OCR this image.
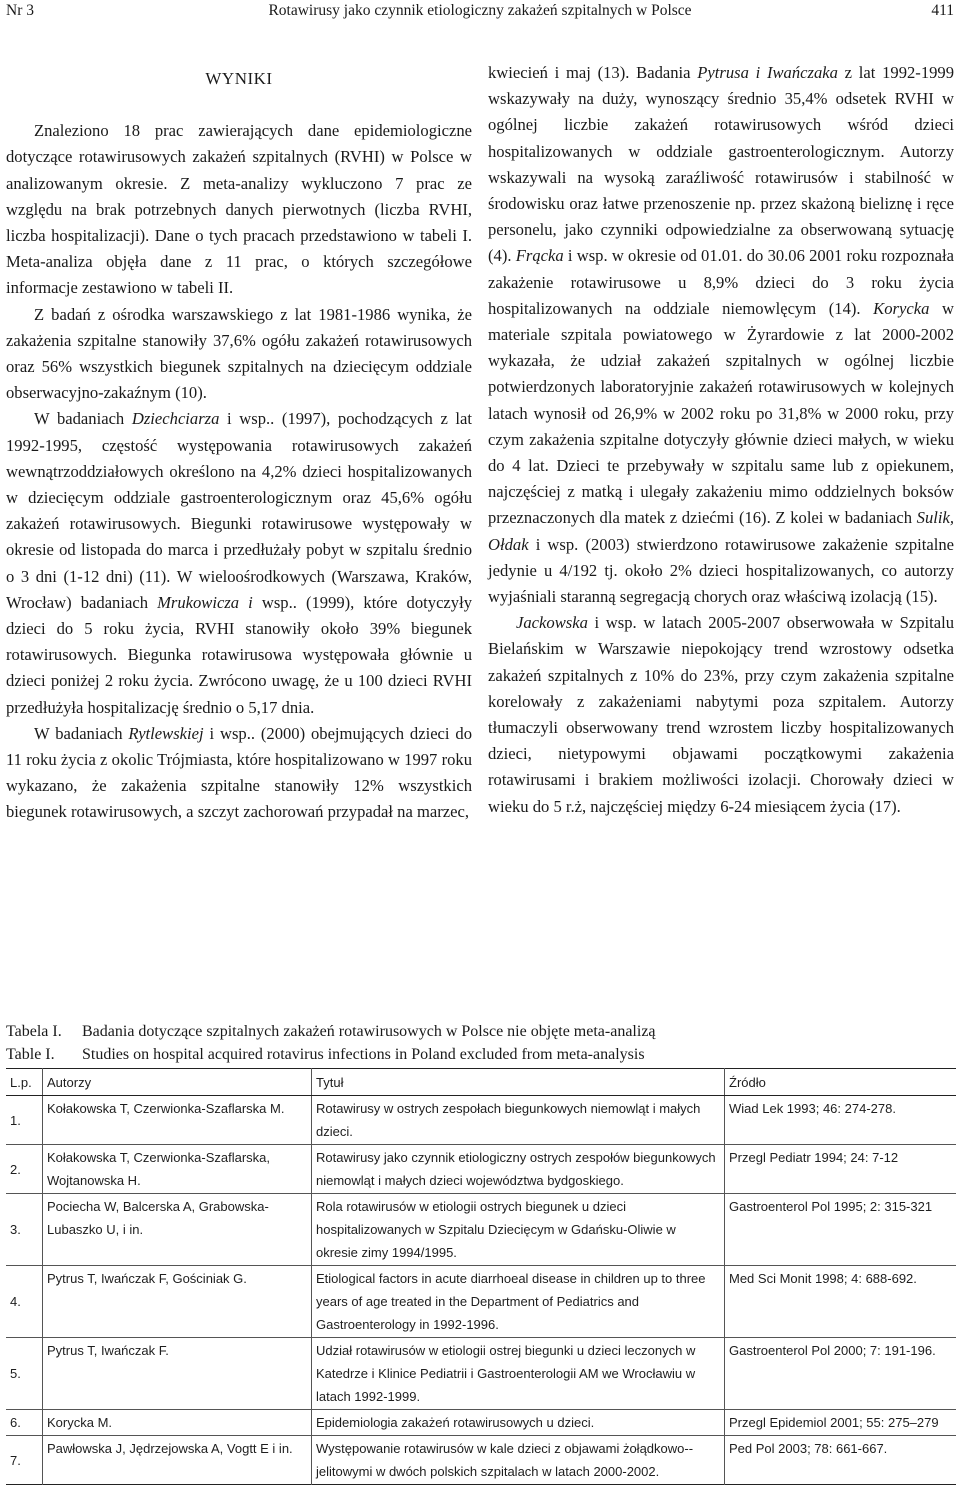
Nr 3	Rotawirusy jako czynnik etiologiczny zakażeń szpitalnych w Polsce	411
WYNIKI

Znaleziono 18 prac zawierających dane epidemiologiczne dotyczące rotawirusowych zakażeń szpitalnych (RVHI) w Polsce w analizowanym okresie. Z meta-analizy wykluczono 7 prac ze względu na brak potrzebnych danych pierwotnych (liczba RVHI, liczba hospitalizacji). Dane o tych pracach przedstawiono w tabeli I. Meta-analiza objęła dane z 11 prac, o których szczegółowe informacje zestawiono w tabeli II.

Z badań z ośrodka warszawskiego z lat 1981-1986 wynika, że zakażenia szpitalne stanowiły 37,6% ogółu zakażeń rotawirusowych oraz 56% wszystkich biegunek szpitalnych na dziecięcym oddziale obserwacyjno-zakaźnym (10).

W badaniach Dziechciarza i wsp.. (1997), pochodzących z lat 1992-1995, częstość występowania rotawirusowych zakażeń wewnątrzoddziałowych określono na 4,2% dzieci hospitalizowanych w dziecięcym oddziale gastroenterologicznym oraz 45,6% ogółu zakażeń rotawirusowych. Biegunki rotawirusowe występowały w okresie od listopada do marca i przedłużały pobyt w szpitalu średnio o 3 dni (1-12 dni) (11). W wieloośrodkowych (Warszawa, Kraków, Wrocław) badaniach Mrukowicza i wsp.. (1999), które dotyczyły dzieci do 5 roku życia, RVHI stanowiły około 39% biegunek rotawirusowych. Biegunka rotawirusowa występowała głównie u dzieci poniżej 2 roku życia. Zwrócono uwagę, że u 100 dzieci RVHI przedłużyła hospitalizację średnio o 5,17 dnia.

W badaniach Rytlewskiej i wsp.. (2000) obejmujących dzieci do 11 roku życia z okolic Trójmiasta, które hospitalizowano w 1997 roku wykazano, że zakażenia szpitalne stanowiły 12% wszystkich biegunek rotawirusowych, a szczyt zachorowań przypadał na marzec,

kwiecień i maj (13). Badania Pytrusa i Iwańczaka z lat 1992-1999 wskazywały na duży, wynoszący średnio 35,4% odsetek RVHI w ogólnej liczbie zakażeń rotawirusowych wśród dzieci hospitalizowanych w oddziale gastroenterologicznym. Autorzy wskazywali na wysoką zaraźliwość rotawirusów i stabilność w środowisku oraz łatwe przenoszenie np. przez skażoną bieliznę i ręce personelu, jako czynniki odpowiedzialne za obserwowaną sytuację (4). Frącka i wsp. w okresie od 01.01. do 30.06 2001 roku rozpoznała zakażenie rotawirusowe u 8,9% dzieci do 3 roku życia hospitalizowanych na oddziale niemowlęcym (14). Korycka w materiale szpitala powiatowego w Żyrardowie z lat 2000-2002 wykazała, że udział zakażeń szpitalnych w ogólnej liczbie potwierdzonych laboratoryjnie zakażeń rotawirusowych w kolejnych latach wynosił od 26,9% w 2002 roku po 31,8% w 2000 roku, przy czym zakażenia szpitalne dotyczyły głównie dzieci małych, w wieku do 4 lat. Dzieci te przebywały w szpitalu same lub z opiekunem, najczęściej z matką i ulegały zakażeniu mimo oddzielnych boksów przeznaczonych dla matek z dziećmi (16). Z kolei w badaniach Sulik, Ołdak i wsp. (2003) stwierdzono rotawirusowe zakażenie szpitalne jedynie u 4/192 tj. około 2% dzieci hospitalizowanych, co autorzy wyjaśniali staranną segregacją chorych oraz właściwą izolacją (15).

Jackowska i wsp. w latach 2005-2007 obserwowała w Szpitalu Bielańskim w Warszawie niepokojący trend wzrostowy odsetka zakażeń szpitalnych z 10% do 23%, przy czym zakażenia szpitalne korelowały z zakażeniami nabytymi poza szpitalem. Autorzy tłumaczyli obserwowany trend wzrostem liczby hospitalizowanych dzieci, nietypowymi objawami początkowymi zakażenia rotawirusami i brakiem możliwości izolacji. Chorowały dzieci w wieku do 5 r.ż, najczęściej między 6-24 miesiącem życia (17).

Tabela I.	Badania dotyczące szpitalnych zakażeń rotawirusowych w Polsce nie objęte meta-analizą
Table I.	Studies on hospital acquired rotavirus infections in Poland excluded from meta-analysis
L.p.	Autorzy	Tytuł	Źródło
1.	Kołakowska T, Czerwionka-Szaflarska M.	Rotawirusy w ostrych zespołach biegunkowych niemowląt i małych dzieci.	Wiad Lek 1993; 46: 274-278.
2.	Kołakowska T, Czerwionka-Szaflarska, Wojtanowska H.	Rotawirusy jako czynnik etiologiczny ostrych zespołów biegunkowych niemowląt i małych dzieci województwa bydgoskiego.	Przegl Pediatr 1994; 24: 7-12
3.	Pociecha W, Balcerska A, Grabowska-Lubaszko U, i in.	Rola rotawirusów w etiologii ostrych biegunek u dzieci hospitalizowanych w Szpitalu Dziecięcym w Gdańsku-Oliwie w okresie zimy 1994/1995.	Gastroenterol Pol 1995; 2: 315-321
4.	Pytrus T, Iwańczak F, Gościniak G.	Etiological factors in acute diarrhoeal disease in children up to three years of age treated in the Department of Pediatrics and Gastroenterology in 1992-1996.	Med Sci Monit 1998; 4: 688-692.
5.	Pytrus T, Iwańczak F.	Udział rotawirusów w etiologii ostrej biegunki u dzieci leczonych w Katedrze i Klinice Pediatrii i Gastroenterologii AM we Wrocławiu w latach 1992-1999.	Gastroenterol Pol 2000; 7: 191-196.
6.	Korycka M.	Epidemiologia zakażeń rotawirusowych u dzieci.	Przegl Epidemiol 2001; 55: 275–279
7.	Pawłowska J, Jędrzejowska A, Vogtt E i in.	Występowanie rotawirusów w kale dzieci z objawami żołądkowo--jelitowymi w dwóch polskich szpitalach w latach 2000-2002.	Ped Pol 2003; 78: 661-667.
